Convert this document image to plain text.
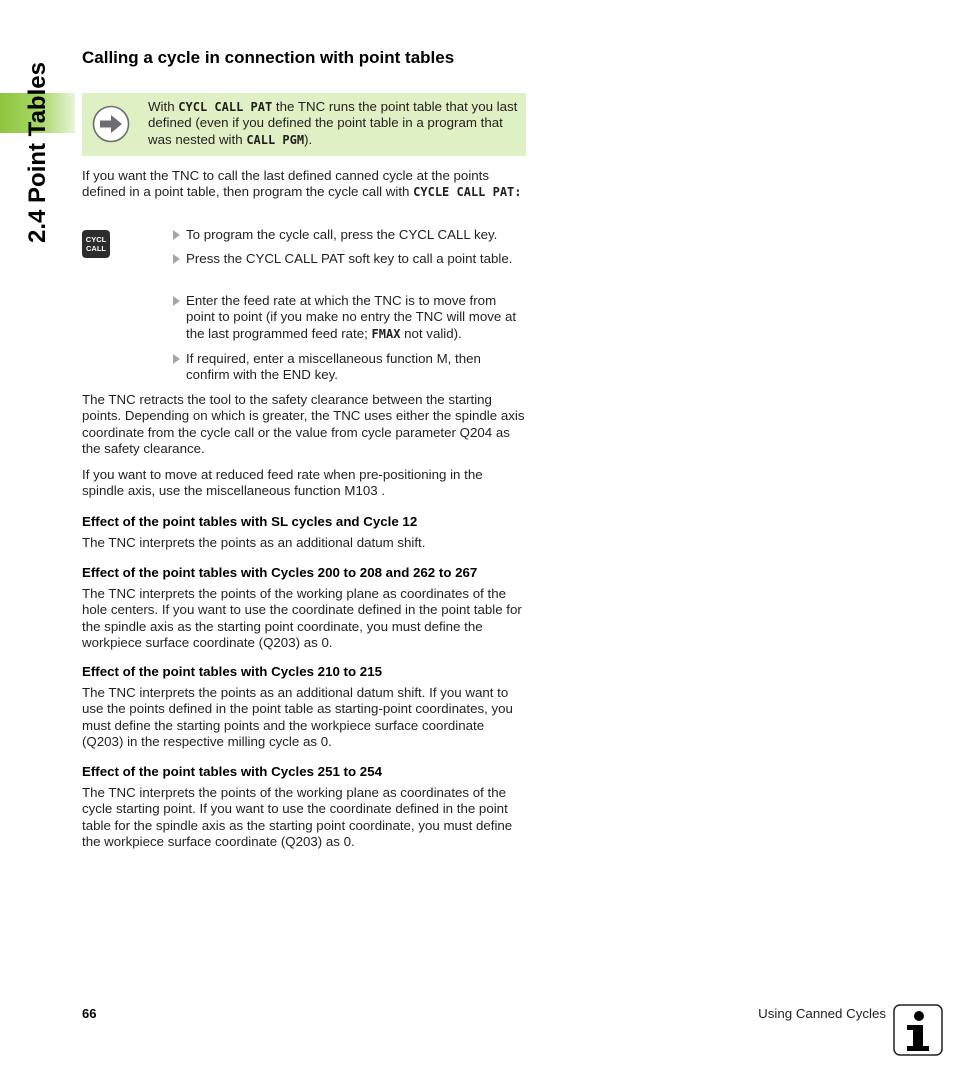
2.4 Point Tables
Calling a cycle in connection with point tables
With CYCL CALL PAT the TNC runs the point table that you last defined (even if you defined the point table in a program that was nested with CALL PGM).

If you want the TNC to call the last defined canned cycle at the points defined in a point table, then program the cycle call with CYCLE CALL PAT:

CYCL
CALL
To program the cycle call, press the CYCL CALL key.
Press the CYCL CALL PAT soft key to call a point table.
Enter the feed rate at which the TNC is to move from point to point (if you make no entry the TNC will move at the last programmed feed rate; FMAX not valid).
If required, enter a miscellaneous function M, then confirm with the END key.

The TNC retracts the tool to the safety clearance between the starting points. Depending on which is greater, the TNC uses either the spindle axis coordinate from the cycle call or the value from cycle parameter Q204 as the safety clearance.

If you want to move at reduced feed rate when pre-positioning in the spindle axis, use the miscellaneous function M103 .

Effect of the point tables with SL cycles and Cycle 12

The TNC interprets the points as an additional datum shift.

Effect of the point tables with Cycles 200 to 208 and 262 to 267

The TNC interprets the points of the working plane as coordinates of the hole centers. If you want to use the coordinate defined in the point table for the spindle axis as the starting point coordinate, you must define the workpiece surface coordinate (Q203) as 0.

Effect of the point tables with Cycles 210 to 215

The TNC interprets the points as an additional datum shift. If you want to use the points defined in the point table as starting-point coordinates, you must define the starting points and the workpiece surface coordinate (Q203) in the respective milling cycle as 0.

Effect of the point tables with Cycles 251 to 254

The TNC interprets the points of the working plane as coordinates of the cycle starting point. If you want to use the coordinate defined in the point table for the spindle axis as the starting point coordinate, you must define the workpiece surface coordinate (Q203) as 0.

66	Using Canned Cycles
